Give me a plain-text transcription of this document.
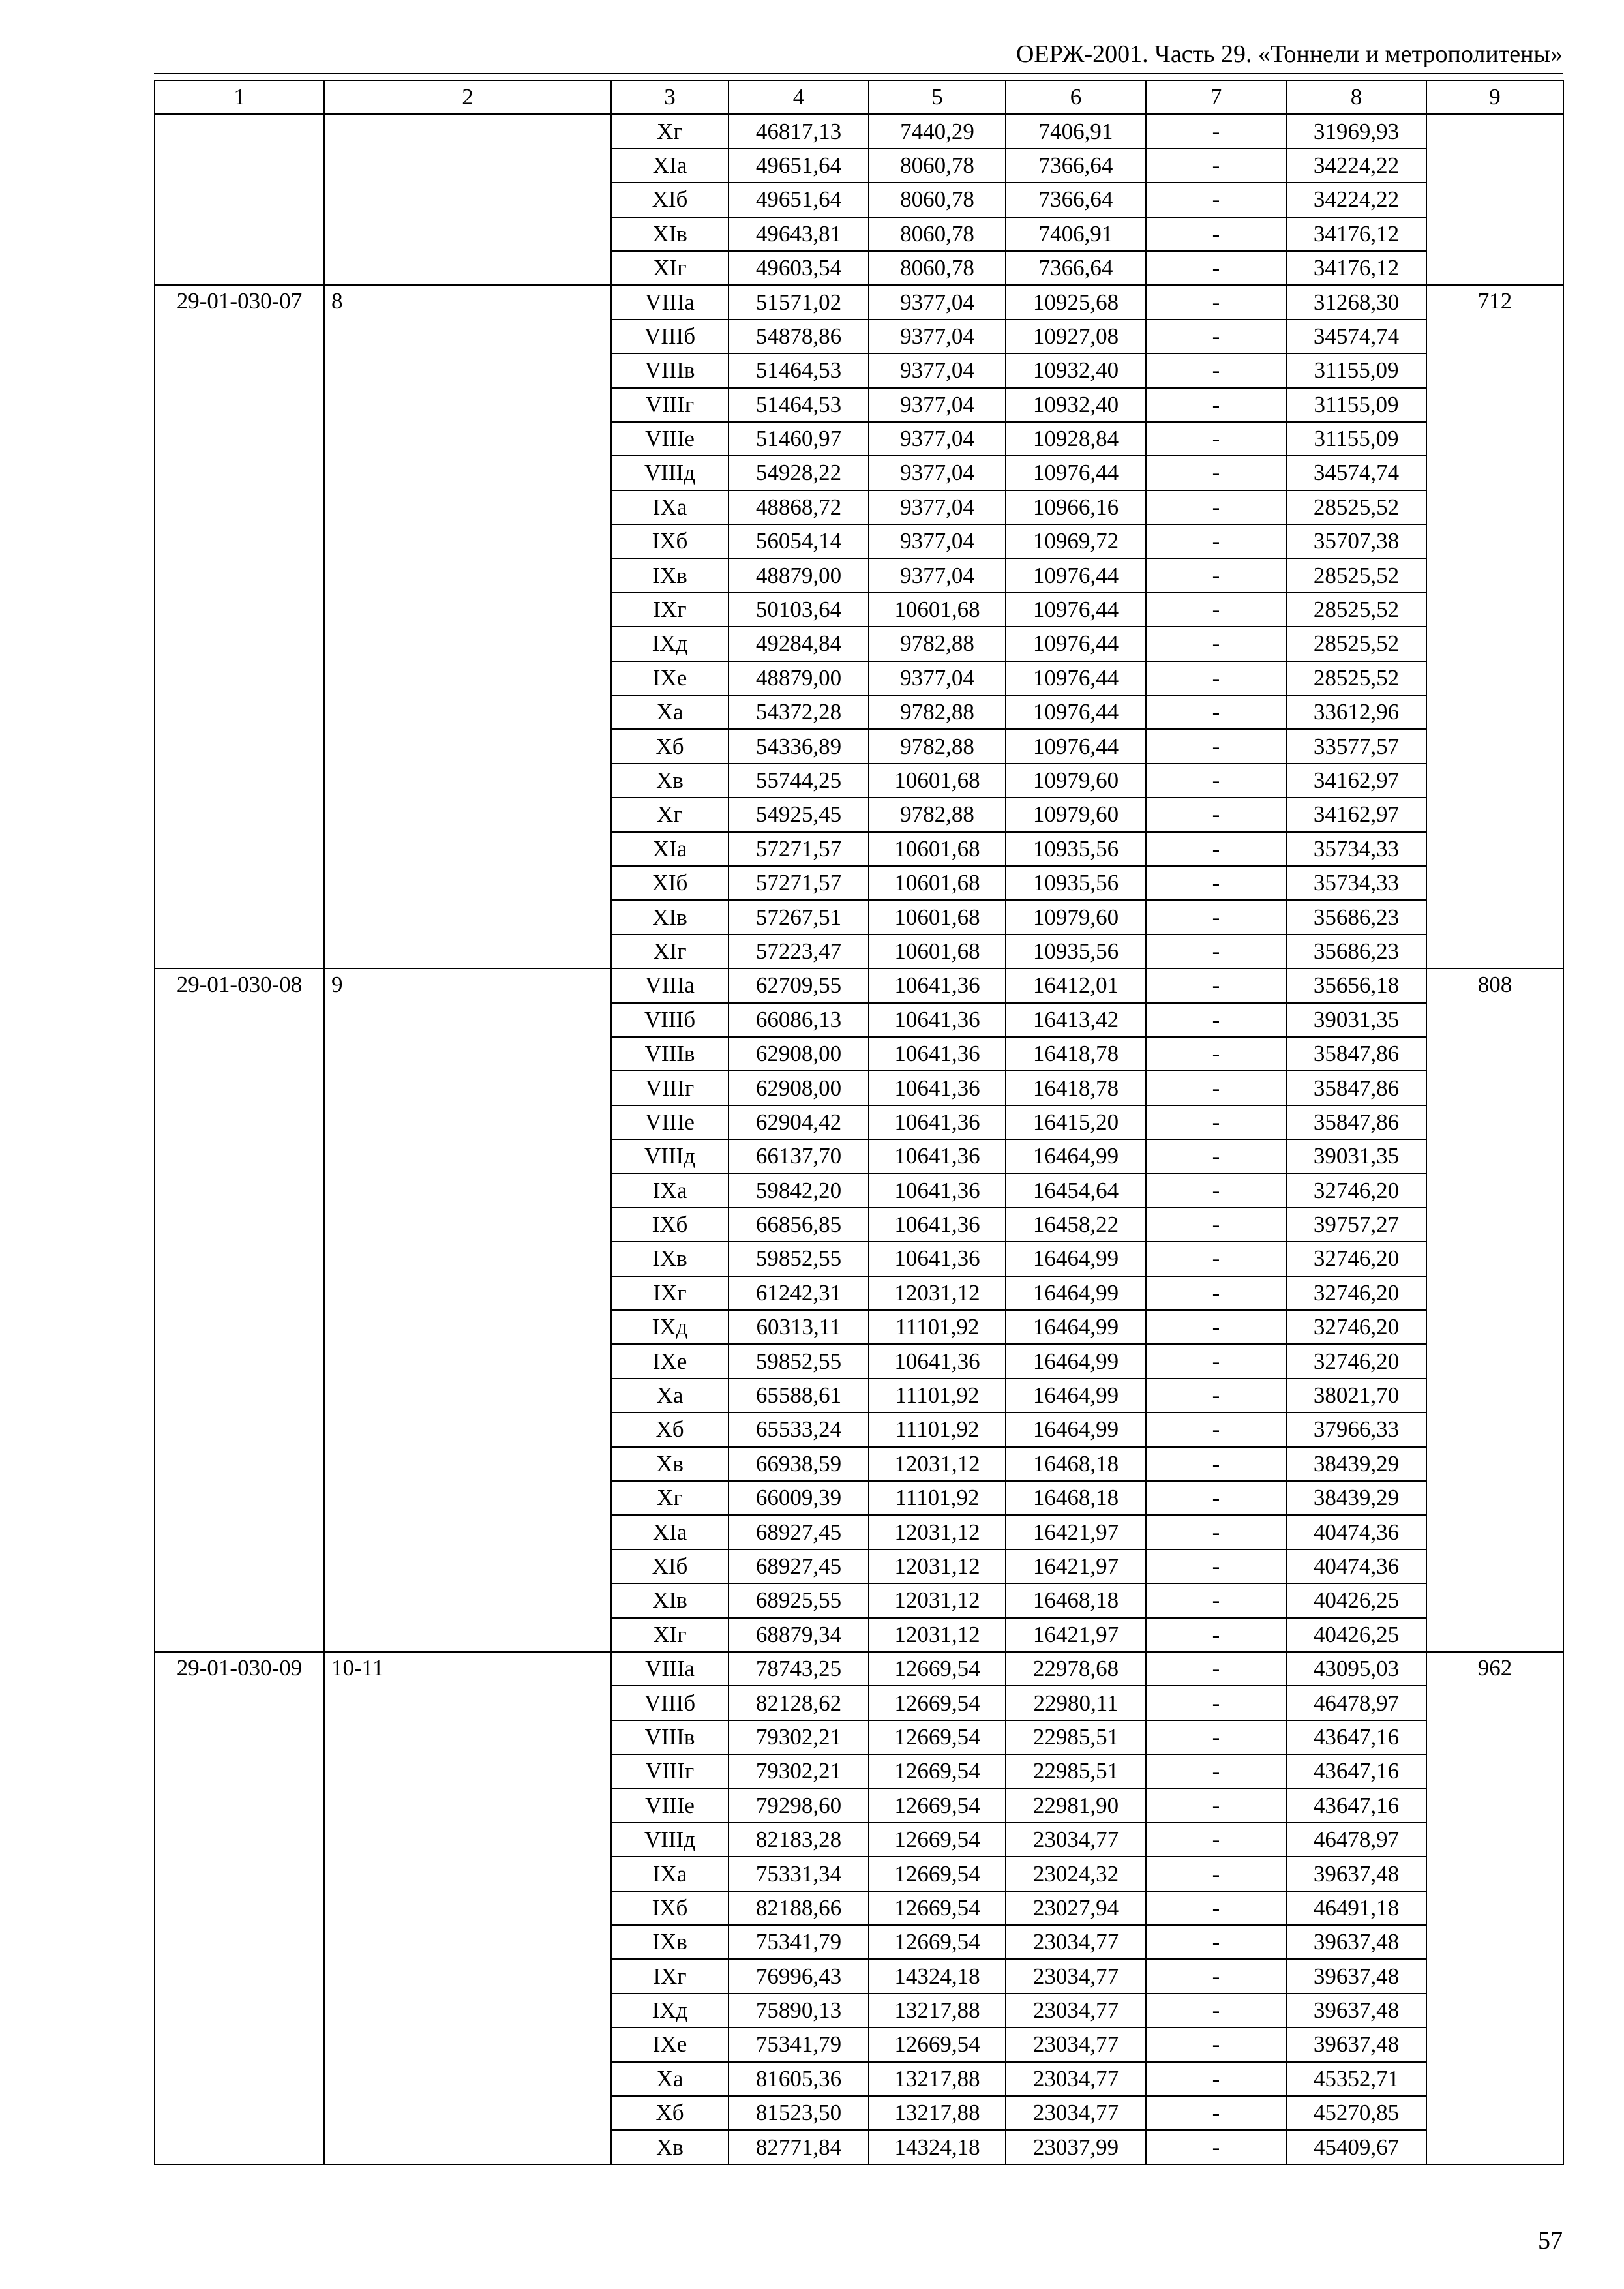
ОЕРЖ-2001. Часть 29. «Тоннели и метрополитены»
1	2	3	4	5	6	7	8	9
		Xг	46817,13	7440,29	7406,91	-	31969,93	
		XIа	49651,64	8060,78	7366,64	-	34224,22	
		XIб	49651,64	8060,78	7366,64	-	34224,22	
		XIв	49643,81	8060,78	7406,91	-	34176,12	
		XIг	49603,54	8060,78	7366,64	-	34176,12	
29-01-030-07	8	VIIIа	51571,02	9377,04	10925,68	-	31268,30	712
		VIIIб	54878,86	9377,04	10927,08	-	34574,74	
		VIIIв	51464,53	9377,04	10932,40	-	31155,09	
		VIIIг	51464,53	9377,04	10932,40	-	31155,09	
		VIIIе	51460,97	9377,04	10928,84	-	31155,09	
		VIIIд	54928,22	9377,04	10976,44	-	34574,74	
		IXа	48868,72	9377,04	10966,16	-	28525,52	
		IXб	56054,14	9377,04	10969,72	-	35707,38	
		IXв	48879,00	9377,04	10976,44	-	28525,52	
		IXг	50103,64	10601,68	10976,44	-	28525,52	
		IXд	49284,84	9782,88	10976,44	-	28525,52	
		IXе	48879,00	9377,04	10976,44	-	28525,52	
		Xа	54372,28	9782,88	10976,44	-	33612,96	
		Xб	54336,89	9782,88	10976,44	-	33577,57	
		Xв	55744,25	10601,68	10979,60	-	34162,97	
		Xг	54925,45	9782,88	10979,60	-	34162,97	
		XIа	57271,57	10601,68	10935,56	-	35734,33	
		XIб	57271,57	10601,68	10935,56	-	35734,33	
		XIв	57267,51	10601,68	10979,60	-	35686,23	
		XIг	57223,47	10601,68	10935,56	-	35686,23	
29-01-030-08	9	VIIIа	62709,55	10641,36	16412,01	-	35656,18	808
		VIIIб	66086,13	10641,36	16413,42	-	39031,35	
		VIIIв	62908,00	10641,36	16418,78	-	35847,86	
		VIIIг	62908,00	10641,36	16418,78	-	35847,86	
		VIIIе	62904,42	10641,36	16415,20	-	35847,86	
		VIIIд	66137,70	10641,36	16464,99	-	39031,35	
		IXа	59842,20	10641,36	16454,64	-	32746,20	
		IXб	66856,85	10641,36	16458,22	-	39757,27	
		IXв	59852,55	10641,36	16464,99	-	32746,20	
		IXг	61242,31	12031,12	16464,99	-	32746,20	
		IXд	60313,11	11101,92	16464,99	-	32746,20	
		IXе	59852,55	10641,36	16464,99	-	32746,20	
		Xа	65588,61	11101,92	16464,99	-	38021,70	
		Xб	65533,24	11101,92	16464,99	-	37966,33	
		Xв	66938,59	12031,12	16468,18	-	38439,29	
		Xг	66009,39	11101,92	16468,18	-	38439,29	
		XIа	68927,45	12031,12	16421,97	-	40474,36	
		XIб	68927,45	12031,12	16421,97	-	40474,36	
		XIв	68925,55	12031,12	16468,18	-	40426,25	
		XIг	68879,34	12031,12	16421,97	-	40426,25	
29-01-030-09	10-11	VIIIа	78743,25	12669,54	22978,68	-	43095,03	962
		VIIIб	82128,62	12669,54	22980,11	-	46478,97	
		VIIIв	79302,21	12669,54	22985,51	-	43647,16	
		VIIIг	79302,21	12669,54	22985,51	-	43647,16	
		VIIIе	79298,60	12669,54	22981,90	-	43647,16	
		VIIIд	82183,28	12669,54	23034,77	-	46478,97	
		IXа	75331,34	12669,54	23024,32	-	39637,48	
		IXб	82188,66	12669,54	23027,94	-	46491,18	
		IXв	75341,79	12669,54	23034,77	-	39637,48	
		IXг	76996,43	14324,18	23034,77	-	39637,48	
		IXд	75890,13	13217,88	23034,77	-	39637,48	
		IXе	75341,79	12669,54	23034,77	-	39637,48	
		Xа	81605,36	13217,88	23034,77	-	45352,71	
		Xб	81523,50	13217,88	23034,77	-	45270,85	
		Xв	82771,84	14324,18	23037,99	-	45409,67	
57
